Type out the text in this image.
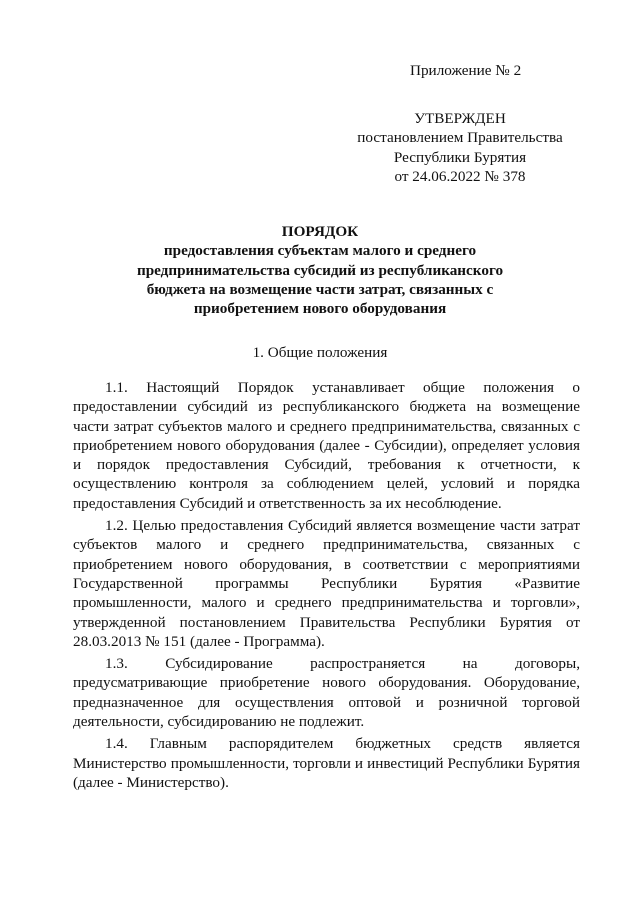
Приложение № 2
УТВЕРЖДЕН
постановлением Правительства
Республики Бурятия
от 24.06.2022 № 378
ПОРЯДОК
предоставления субъектам малого и среднего
предпринимательства субсидий из республиканского
бюджета на возмещение части затрат, связанных с
приобретением нового оборудования
1. Общие положения

1.1. Настоящий Порядок устанавливает общие положения о предоставлении субсидий из республиканского бюджета на возмещение части затрат субъектов малого и среднего предпринимательства, связанных с приобретением нового оборудования (далее - Субсидии), определяет условия и порядок предоставления Субсидий, требования к отчетности, к осуществлению контроля за соблюдением целей, условий и порядка предоставления Субсидий и ответственность за их несоблюдение.

1.2. Целью предоставления Субсидий является возмещение части затрат субъектов малого и среднего предпринимательства, связанных с приобретением нового оборудования, в соответствии с мероприятиями Государственной программы Республики Бурятия «Развитие промышленности, малого и среднего предпринимательства и торговли», утвержденной постановлением Правительства Республики Бурятия от 28.03.2013 № 151 (далее - Программа).

1.3. Субсидирование распространяется на договоры, предусматривающие приобретение нового оборудования. Оборудование, предназначенное для осуществления оптовой и розничной торговой деятельности, субсидированию не подлежит.

1.4. Главным распорядителем бюджетных средств является Министерство промышленности, торговли и инвестиций Республики Бурятия (далее - Министерство).
